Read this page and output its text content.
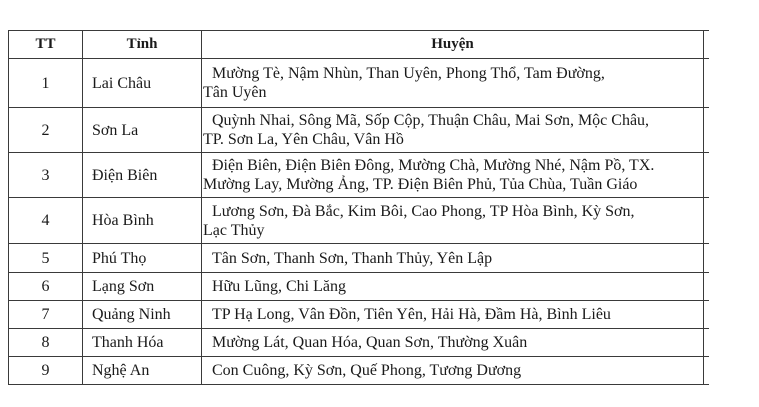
TT	Tỉnh	Huyện
1	Lai Châu	Mường Tè, Nậm Nhùn, Than Uyên, Phong Thổ, Tam Đường,
Tân Uyên

2	Sơn La	Quỳnh Nhai, Sông Mã, Sốp Cộp, Thuận Châu, Mai Sơn, Mộc Châu,
TP. Sơn La, Yên Châu, Vân Hồ

3	Điện Biên	Điện Biên, Điện Biên Đông, Mường Chà, Mường Nhé, Nậm Pồ, TX.
Mường Lay, Mường Ảng, TP. Điện Biên Phủ, Tủa Chùa, Tuần Giáo

4	Hòa Bình	Lương Sơn, Đà Bắc, Kim Bôi, Cao Phong, TP Hòa Bình, Kỳ Sơn,
Lạc Thủy

5	Phú Thọ	Tân Sơn, Thanh Sơn, Thanh Thủy, Yên Lập

6	Lạng Sơn	Hữu Lũng, Chi Lăng

7	Quảng Ninh	TP Hạ Long, Vân Đồn, Tiên Yên, Hải Hà, Đầm Hà, Bình Liêu

8	Thanh Hóa	Mường Lát, Quan Hóa, Quan Sơn, Thường Xuân

9	Nghệ An	Con Cuông, Kỳ Sơn, Quế Phong, Tương Dương
